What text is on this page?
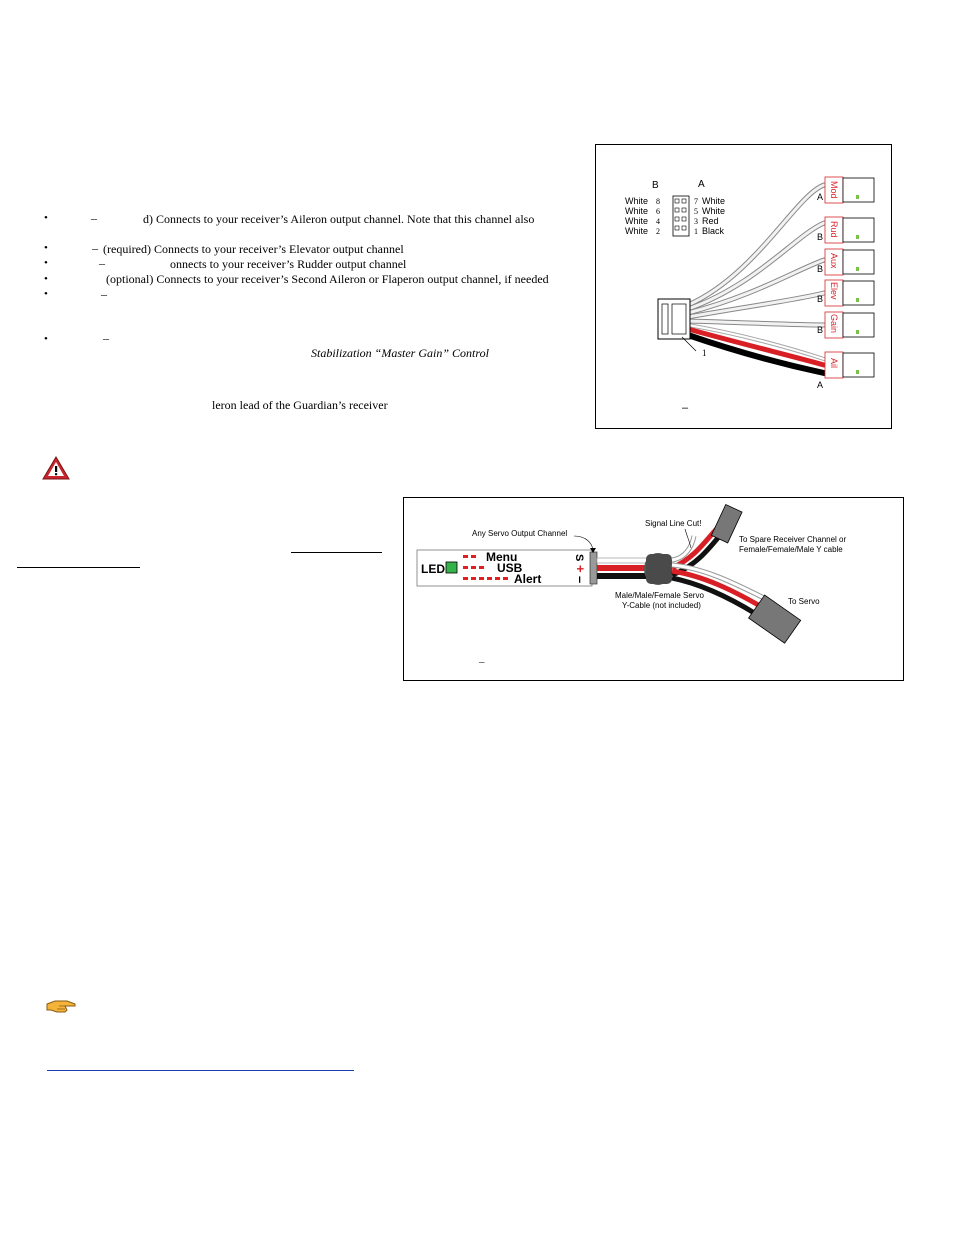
•	–	d) Connects to your receiver’s Aileron output channel. Note that this channel also
•	– (required) Connects to your receiver’s Elevator output channel
•	–	onnects to your receiver’s Rudder output channel
•	(optional) Connects to your receiver’s Second Aileron or Flaperon output channel, if needed
•	–
•	–
Stabilization “Master Gain” Control
leron lead of the Guardian’s receiver
B	A
White
White
White
White
8
6
4
2
7
5
3
1
White
White
Red
Black
1
Mod
A
Rud
B
Aux
B
Elev
B
Gain
B
Ail
A
–
LED
Menu
USB
Alert
S
+
–
Any Servo Output Channel
Signal Line Cut!
To Spare Receiver Channel or Female/Female/Male Y cable
To Servo
Male/Male/Female Servo Y-Cable (not included)
–
